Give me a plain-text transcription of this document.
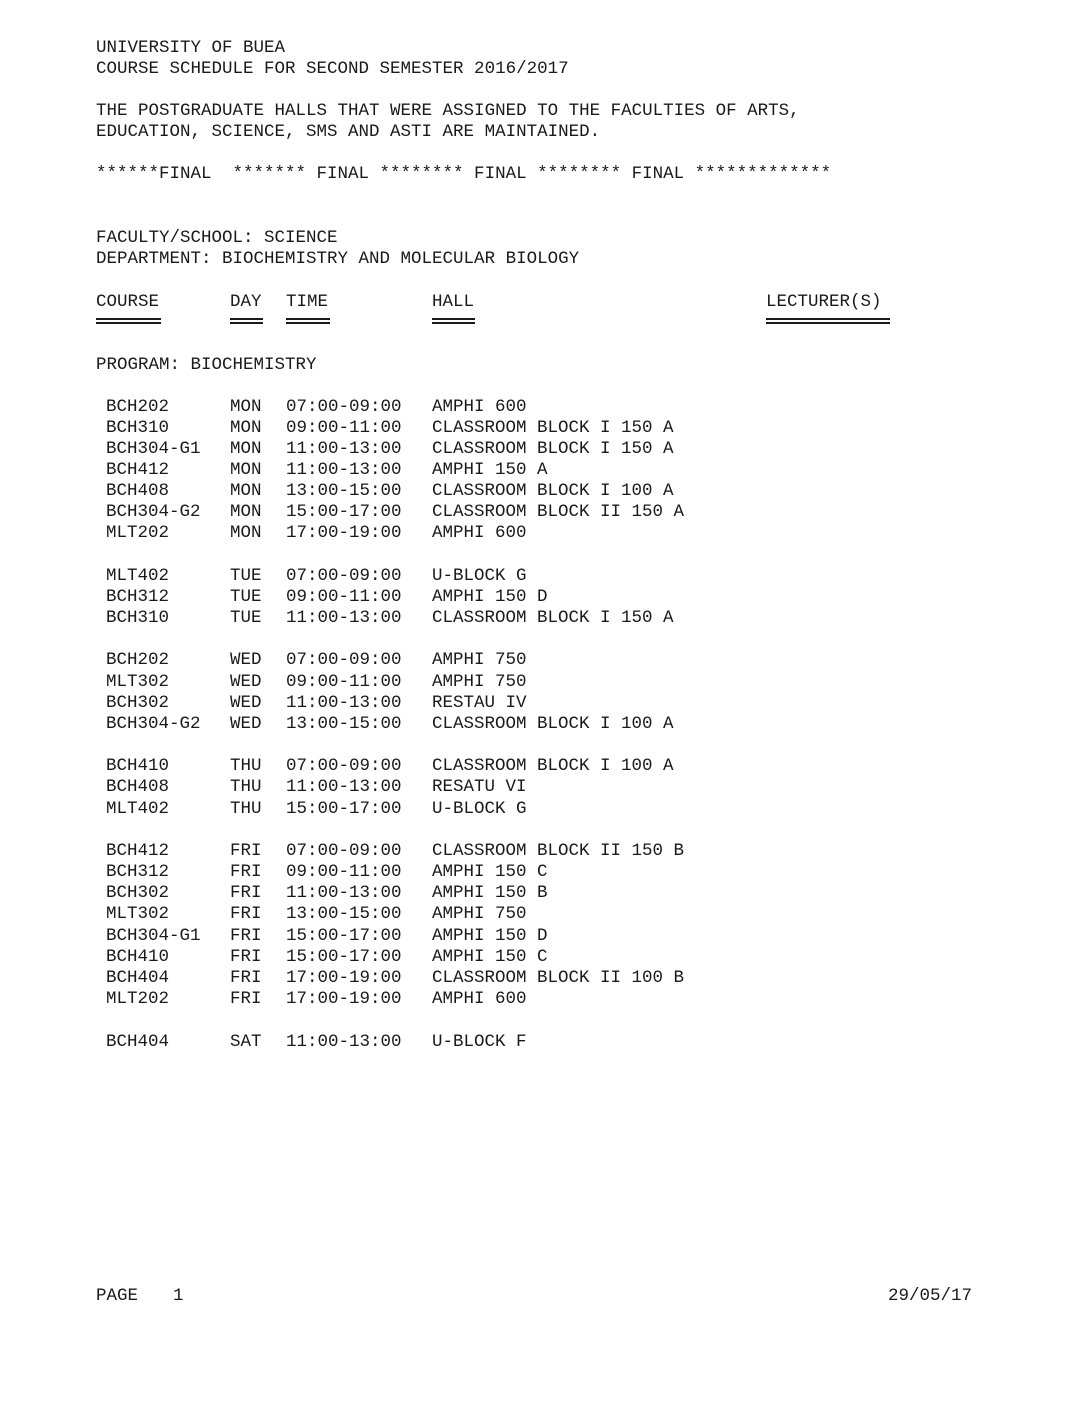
UNIVERSITY OF BUEA
COURSE SCHEDULE FOR SECOND SEMESTER 2016/2017
THE POSTGRADUATE HALLS THAT WERE ASSIGNED TO THE FACULTIES OF ARTS,
EDUCATION, SCIENCE, SMS AND ASTI ARE MAINTAINED.
******FINAL  ******* FINAL ******** FINAL ******** FINAL *************
FACULTY/SCHOOL: SCIENCE
DEPARTMENT: BIOCHEMISTRY AND MOLECULAR BIOLOGY
COURSE	DAY TIME	HALL	LECTURER(S)
PROGRAM: BIOCHEMISTRY
BCH202	MON 07:00-09:00 AMPHI 600
BCH310	MON 09:00-11:00 CLASSROOM BLOCK I 150 A
BCH304-G1 MON 11:00-13:00 CLASSROOM BLOCK I 150 A
BCH412	MON 11:00-13:00 AMPHI 150 A
BCH408	MON 13:00-15:00 CLASSROOM BLOCK I 100 A
BCH304-G2 MON 15:00-17:00 CLASSROOM BLOCK II 150 A
MLT202	MON 17:00-19:00 AMPHI 600
MLT402	TUE 07:00-09:00 U-BLOCK G
BCH312	TUE 09:00-11:00 AMPHI 150 D
BCH310	TUE 11:00-13:00 CLASSROOM BLOCK I 150 A
BCH202	WED 07:00-09:00 AMPHI 750
MLT302	WED 09:00-11:00 AMPHI 750
BCH302	WED 11:00-13:00 RESTAU IV
BCH304-G2 WED 13:00-15:00 CLASSROOM BLOCK I 100 A
BCH410	THU 07:00-09:00 CLASSROOM BLOCK I 100 A
BCH408	THU 11:00-13:00 RESATU VI
MLT402	THU 15:00-17:00 U-BLOCK G
BCH412	FRI 07:00-09:00 CLASSROOM BLOCK II 150 B
BCH312	FRI 09:00-11:00 AMPHI 150 C
BCH302	FRI 11:00-13:00 AMPHI 150 B
MLT302	FRI 13:00-15:00 AMPHI 750
BCH304-G1 FRI 15:00-17:00 AMPHI 150 D
BCH410	FRI 15:00-17:00 AMPHI 150 C
BCH404	FRI 17:00-19:00 CLASSROOM BLOCK II 100 B
MLT202	FRI 17:00-19:00 AMPHI 600
BCH404	SAT 11:00-13:00 U-BLOCK F
PAGE 1	29/05/17
